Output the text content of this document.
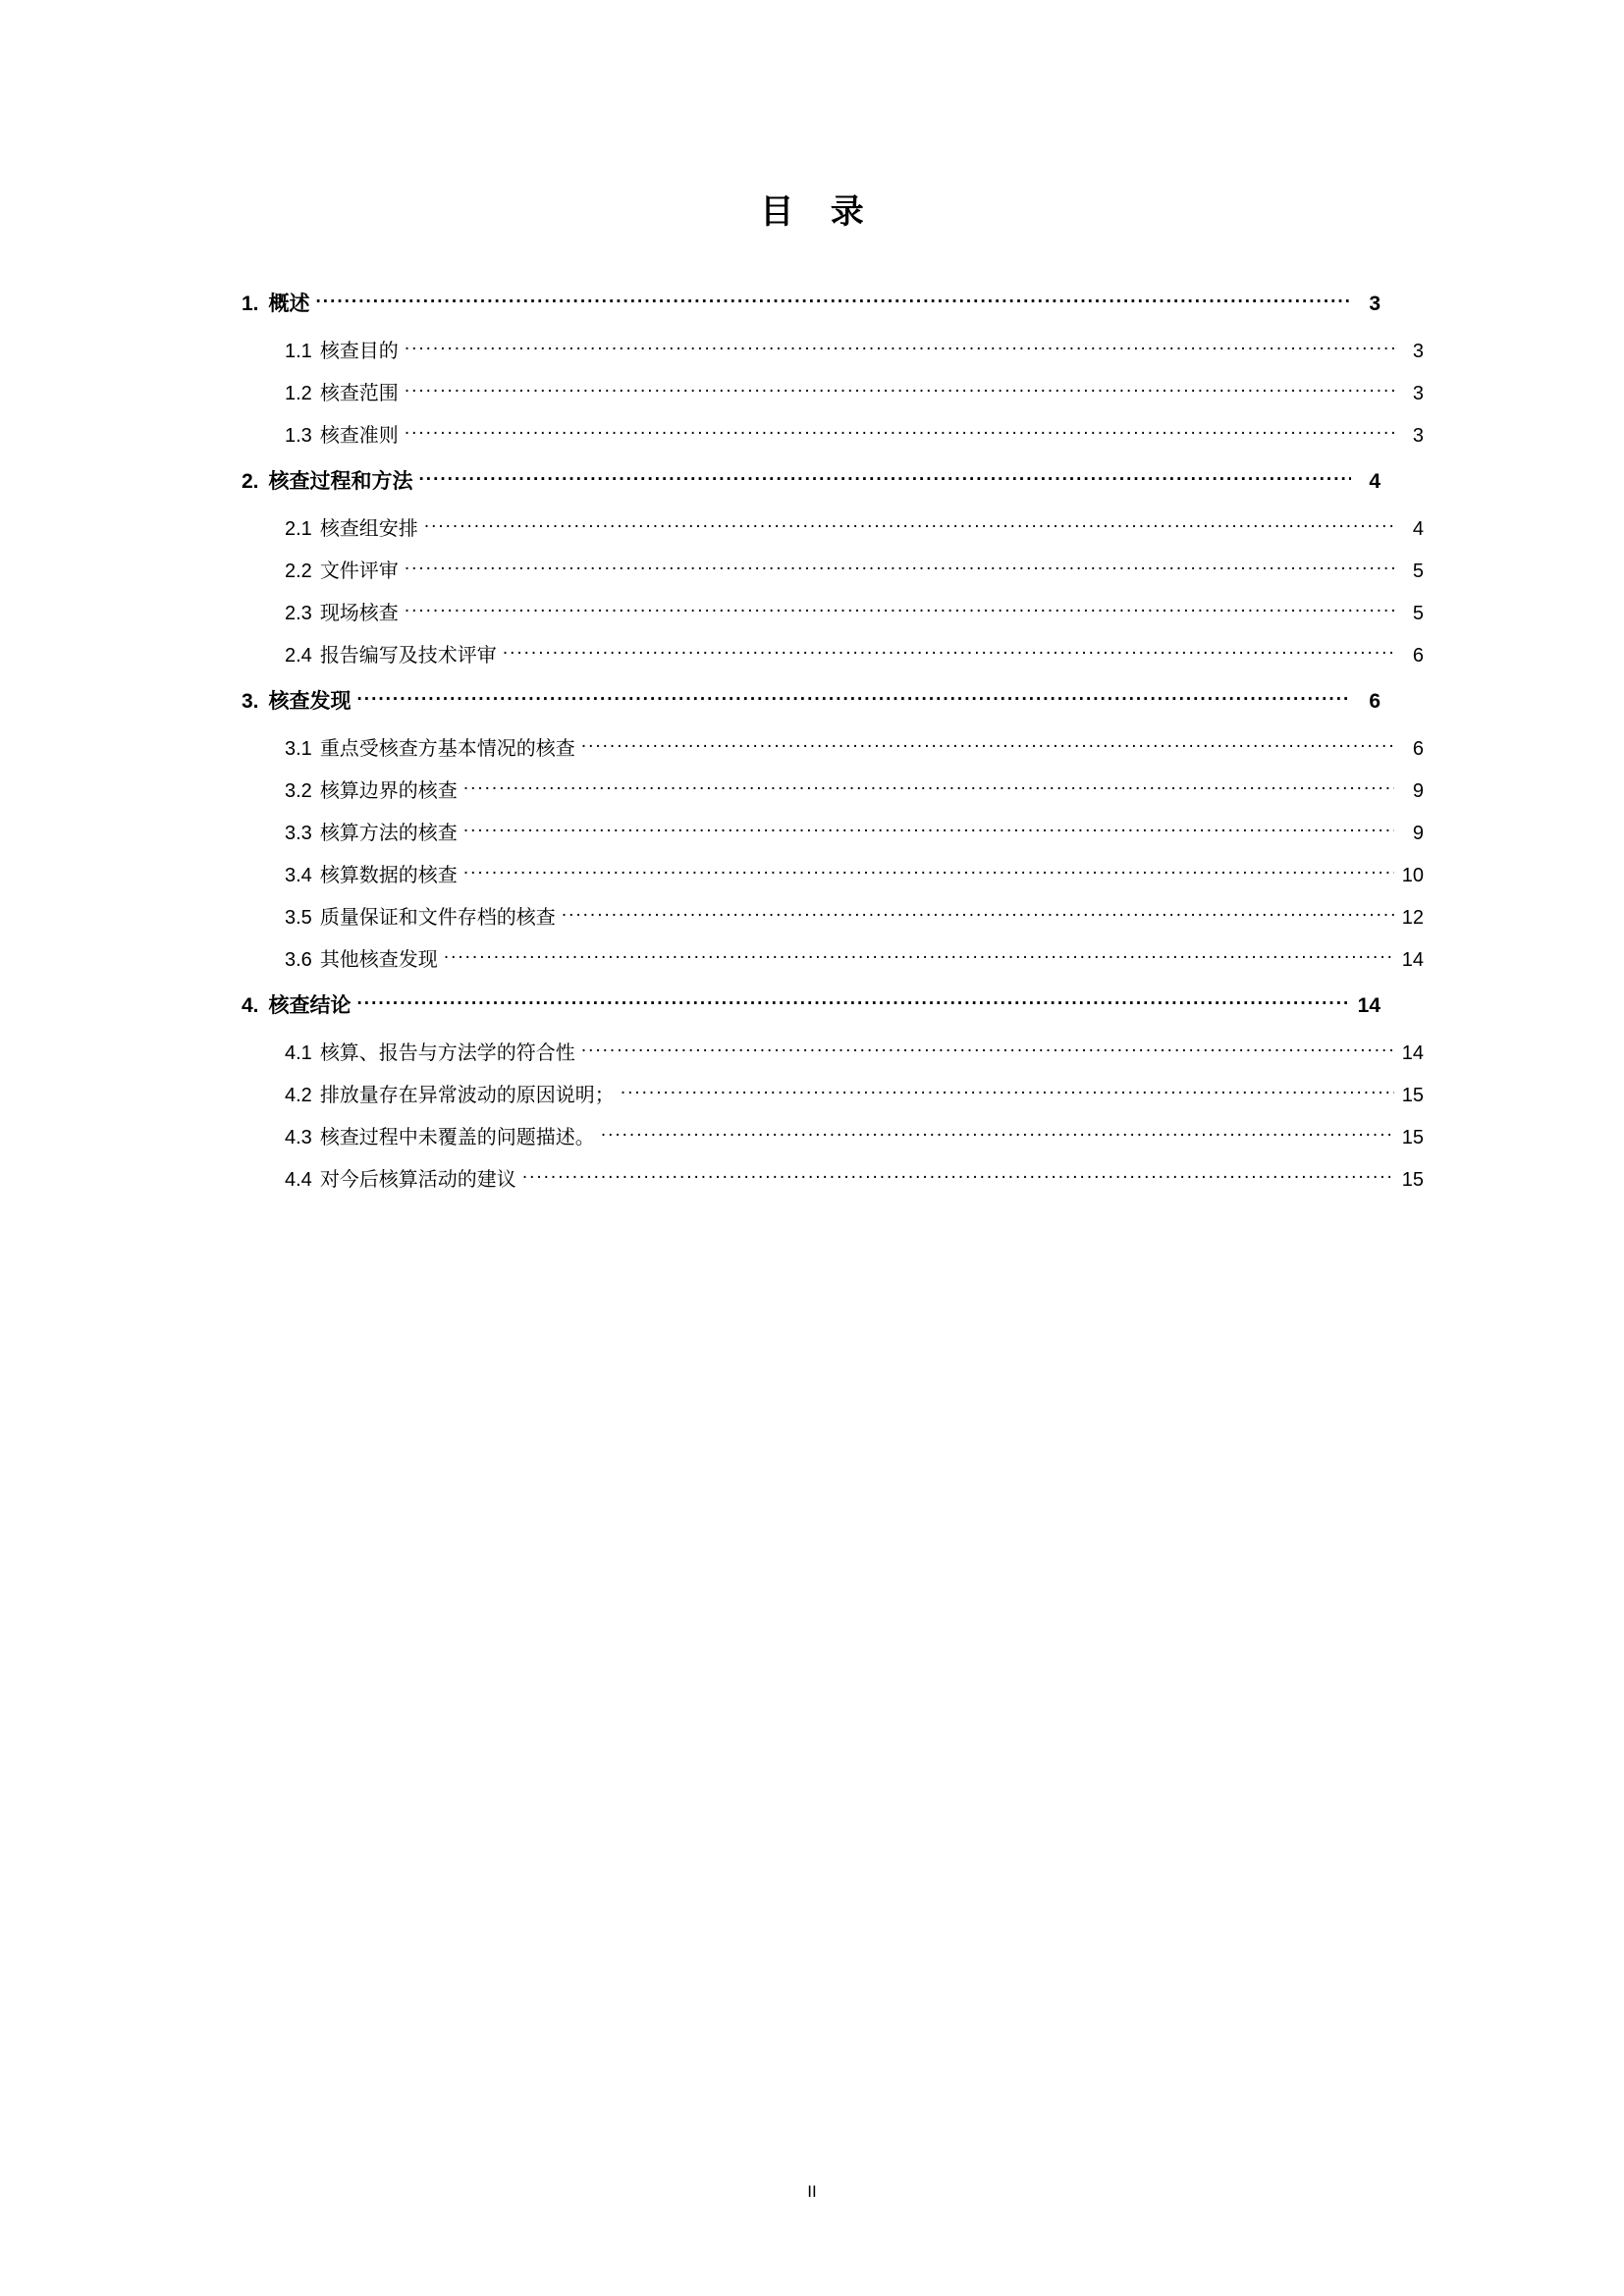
目 录
1. 概述 .....	3
1.1 核查目的 .....	3
1.2 核查范围 .....	3
1.3 核查准则 .....	3
2. 核查过程和方法 .....	4
2.1 核查组安排 .....	4
2.2 文件评审 .....	5
2.3 现场核查 .....	5
2.4 报告编写及技术评审 .....	6
3. 核查发现 .....	6
3.1 重点受核查方基本情况的核查 .....	6
3.2 核算边界的核查 .....	9
3.3 核算方法的核查 .....	9
3.4 核算数据的核查 .....	10
3.5 质量保证和文件存档的核查 .....	12
3.6 其他核查发现 .....	14
4. 核查结论 .....	14
4.1 核算、报告与方法学的符合性 .....	14
4.2 排放量存在异常波动的原因说明； .....	15
4.3 核查过程中未覆盖的问题描述。 .....	15
4.4 对今后核算活动的建议 .....	15
II
